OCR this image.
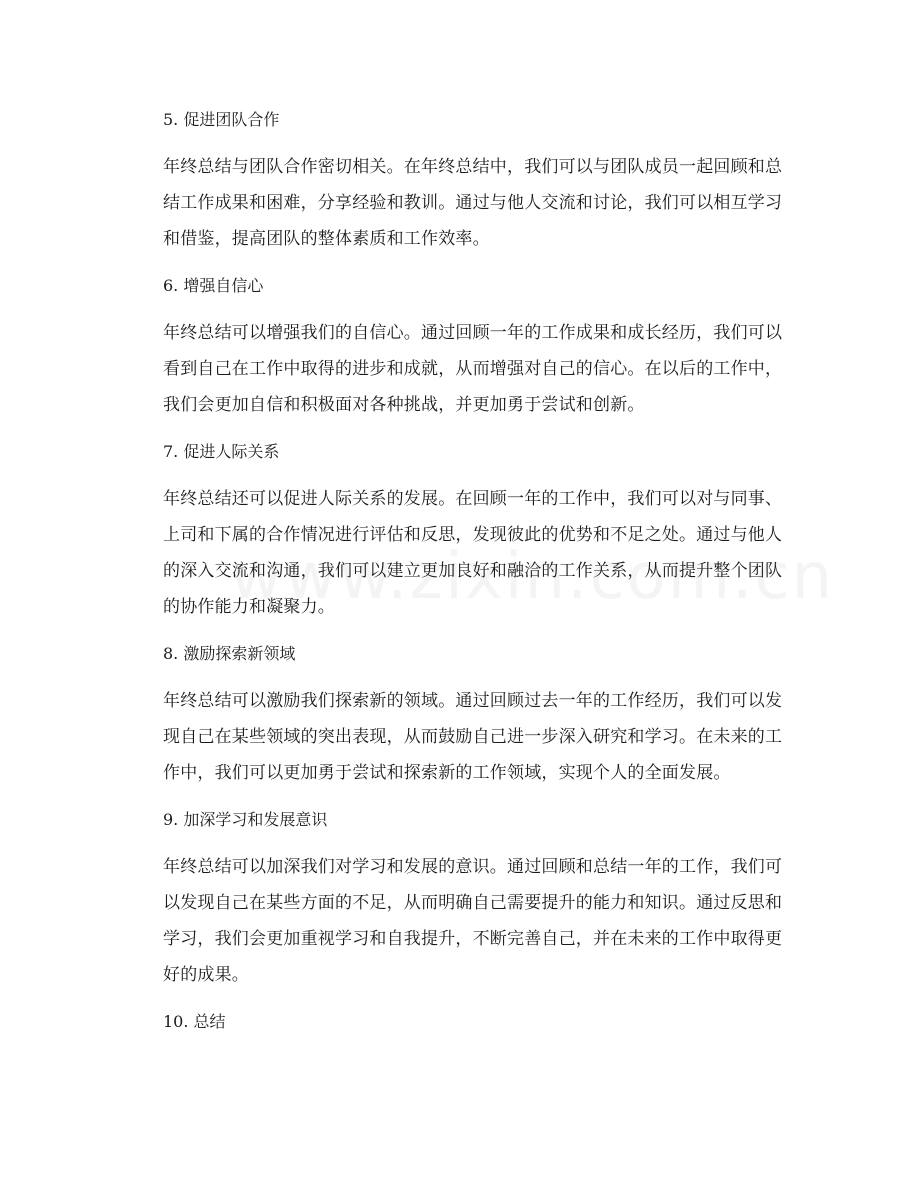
5. 促进团队合作

年终总结与团队合作密切相关。在年终总结中，我们可以与团队成员一起回顾和总结工作成果和困难，分享经验和教训。通过与他人交流和讨论，我们可以相互学习和借鉴，提高团队的整体素质和工作效率。

6. 增强自信心

年终总结可以增强我们的自信心。通过回顾一年的工作成果和成长经历，我们可以看到自己在工作中取得的进步和成就，从而增强对自己的信心。在以后的工作中，我们会更加自信和积极面对各种挑战，并更加勇于尝试和创新。

7. 促进人际关系

年终总结还可以促进人际关系的发展。在回顾一年的工作中，我们可以对与同事、上司和下属的合作情况进行评估和反思，发现彼此的优势和不足之处。通过与他人的深入交流和沟通，我们可以建立更加良好和融洽的工作关系，从而提升整个团队的协作能力和凝聚力。

8. 激励探索新领域

年终总结可以激励我们探索新的领域。通过回顾过去一年的工作经历，我们可以发现自己在某些领域的突出表现，从而鼓励自己进一步深入研究和学习。在未来的工作中，我们可以更加勇于尝试和探索新的工作领域，实现个人的全面发展。

9. 加深学习和发展意识

年终总结可以加深我们对学习和发展的意识。通过回顾和总结一年的工作，我们可以发现自己在某些方面的不足，从而明确自己需要提升的能力和知识。通过反思和学习，我们会更加重视学习和自我提升，不断完善自己，并在未来的工作中取得更好的成果。

10. 总结
